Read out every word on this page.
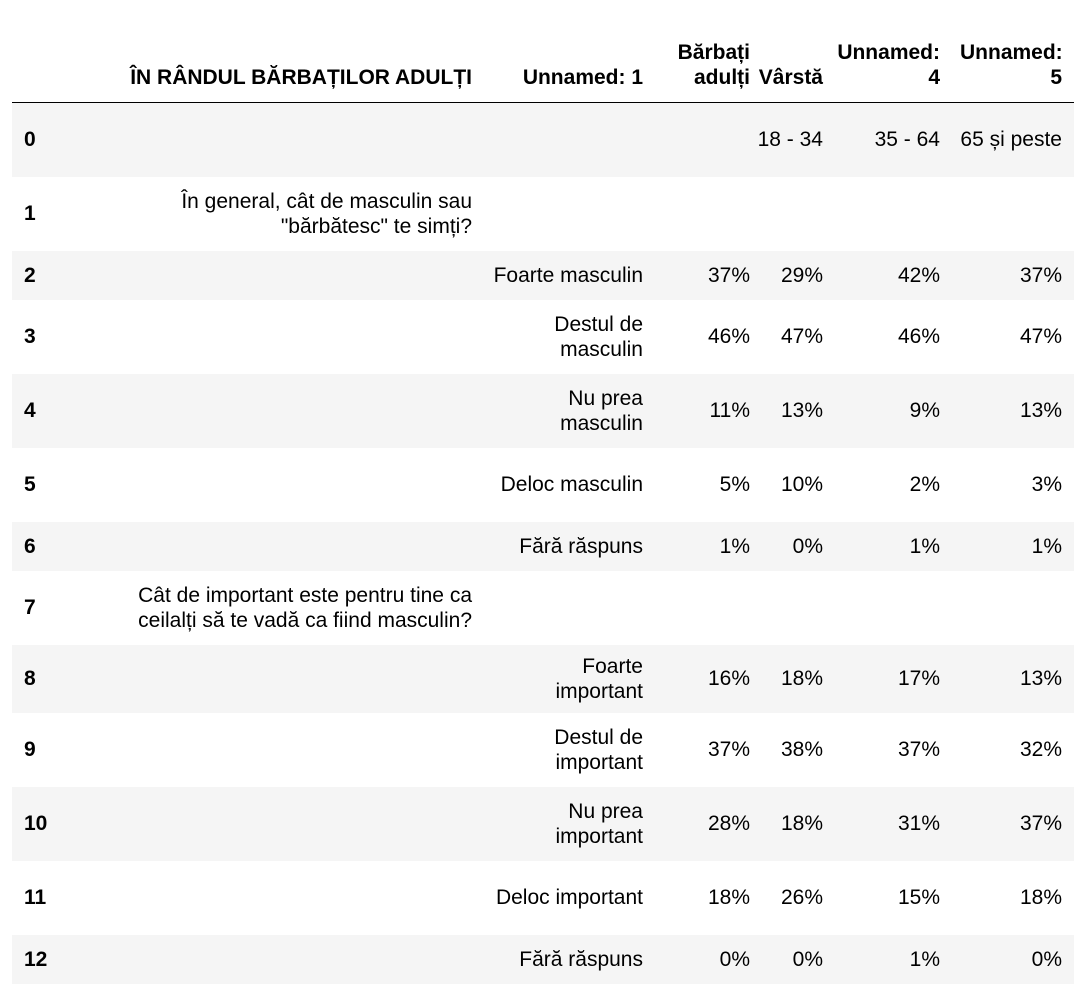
	ÎN RÂNDUL BĂRBAȚILOR ADULȚI	Unnamed: 1	Bărbați adulți	Vârstă	Unnamed: 4	Unnamed: 5
0				18 - 34	35 - 64	65 și peste
1	În general, cât de masculin sau "bărbătesc" te simți?					
2		Foarte masculin	37%	29%	42%	37%
3		Destul de masculin	46%	47%	46%	47%
4		Nu prea masculin	11%	13%	9%	13%
5		Deloc masculin	5%	10%	2%	3%
6		Fără răspuns	1%	0%	1%	1%
7	Cât de important este pentru tine ca ceilalți să te vadă ca fiind masculin?					
8		Foarte important	16%	18%	17%	13%
9		Destul de important	37%	38%	37%	32%
10		Nu prea important	28%	18%	31%	37%
11		Deloc important	18%	26%	15%	18%
12		Fără răspuns	0%	0%	1%	0%
